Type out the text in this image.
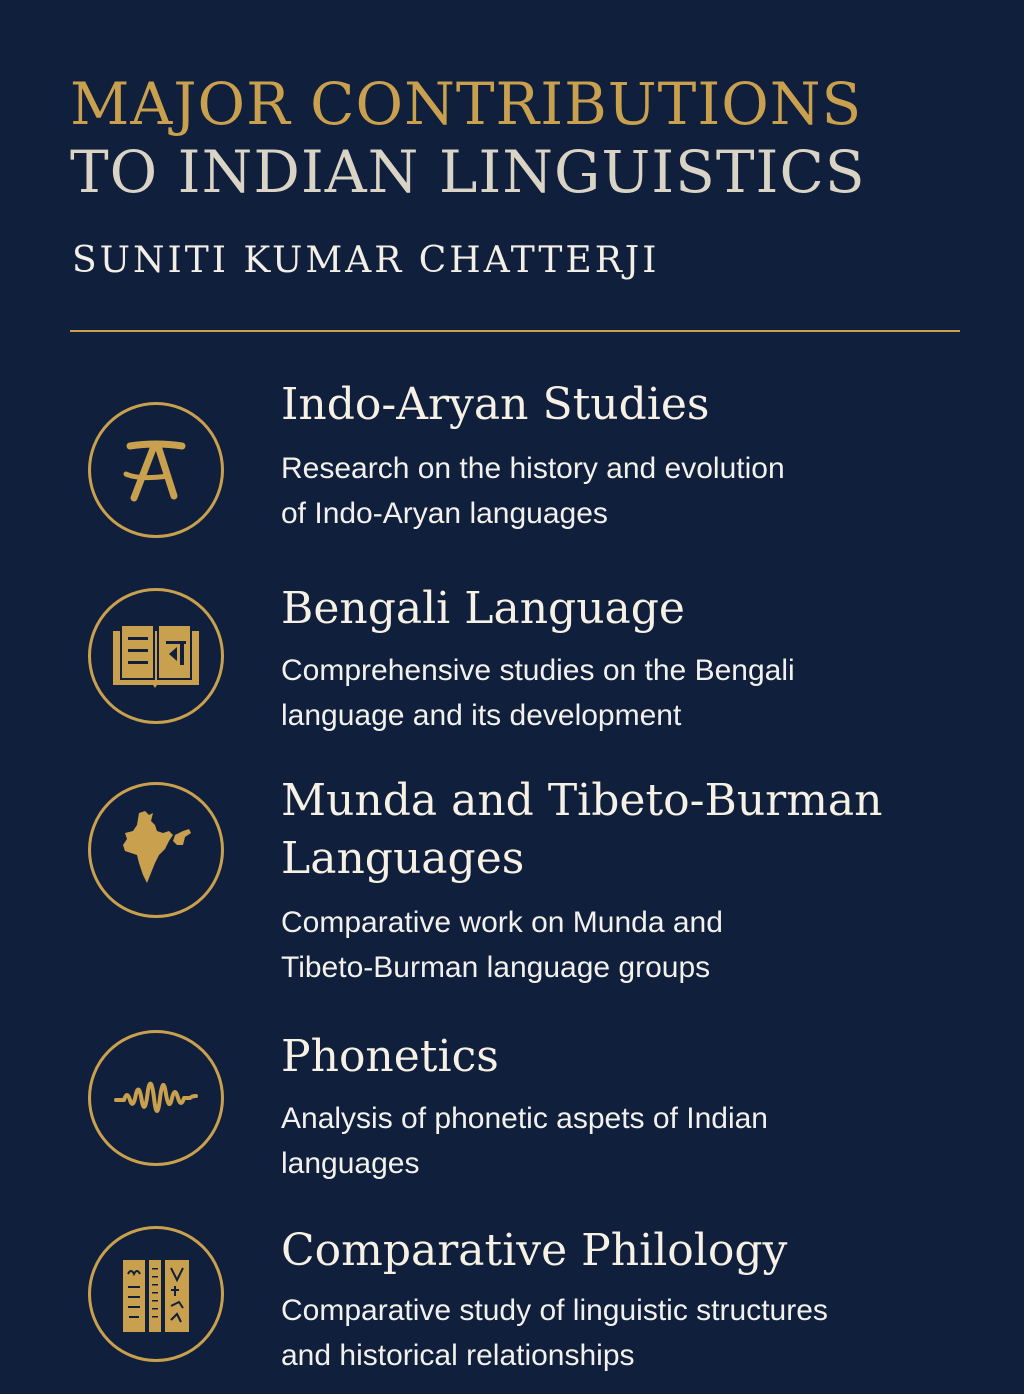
MAJOR CONTRIBUTIONS
TO INDIAN LINGUISTICS
SUNITI KUMAR CHATTERJI
Indo-Aryan Studies
Research on the history and evolution
of Indo-Aryan languages
Bengali Language
Comprehensive studies on the Bengali
language and its development
Munda and Tibeto-Burman
Languages
Comparative work on Munda and
Tibeto-Burman language groups
Phonetics
Analysis of phonetic aspets of Indian
languages
Comparative Philology
Comparative study of linguistic structures
and historical relationships
